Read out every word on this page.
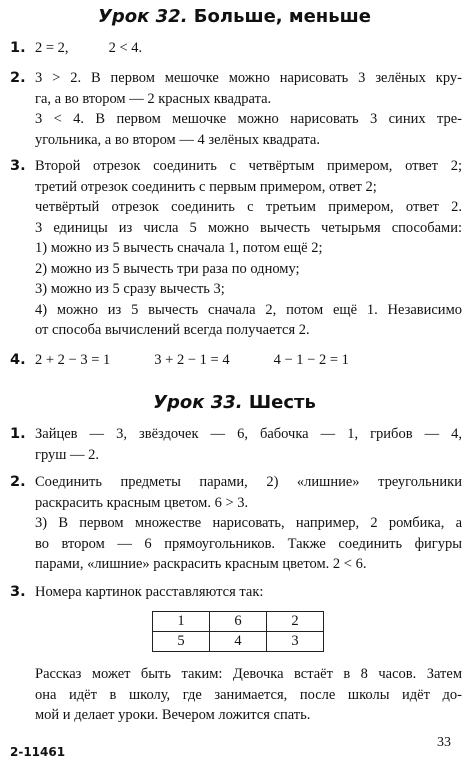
Урок 32. Больше, меньше
1. 2 = 2,	2 < 4.
2. 3 > 2. В первом мешочке можно нарисовать 3 зелёных кру-
га, а во втором — 2 красных квадрата.
3 < 4. В первом мешочке можно нарисовать 3 синих тре-
угольника, а во втором — 4 зелёных квадрата.
3. Второй отрезок соединить с четвёртым примером, ответ 2;
третий отрезок соединить с первым примером, ответ 2;
четвёртый отрезок соединить с третьим примером, ответ 2.
3 единицы из числа 5 можно вычесть четырьмя способами:
1) можно из 5 вычесть сначала 1, потом ещё 2;
2) можно из 5 вычесть три раза по одному;
3) можно из 5 сразу вычесть 3;
4) можно из 5 вычесть сначала 2, потом ещё 1. Независимо
от способа вычислений всегда получается 2.
4. 2 + 2 − 3 = 1	3 + 2 − 1 = 4	4 − 1 − 2 = 1
Урок 33. Шесть
1. Зайцев — 3, звёздочек — 6, бабочка — 1, грибов — 4,
груш — 2.
2. Соединить предметы парами, 2) «лишние» треугольники
раскрасить красным цветом. 6 > 3.
3) В первом множестве нарисовать, например, 2 ромбика, а
во втором — 6 прямоугольников. Также соединить фигуры
парами, «лишние» раскрасить красным цветом. 2 < 6.
3. Номера картинок расставляются так:
1	6	2
5	4	3
Рассказ может быть таким: Девочка встаёт в 8 часов. Затем
она идёт в школу, где занимается, после школы идёт до-
мой и делает уроки. Вечером ложится спать.
2-11461
33
